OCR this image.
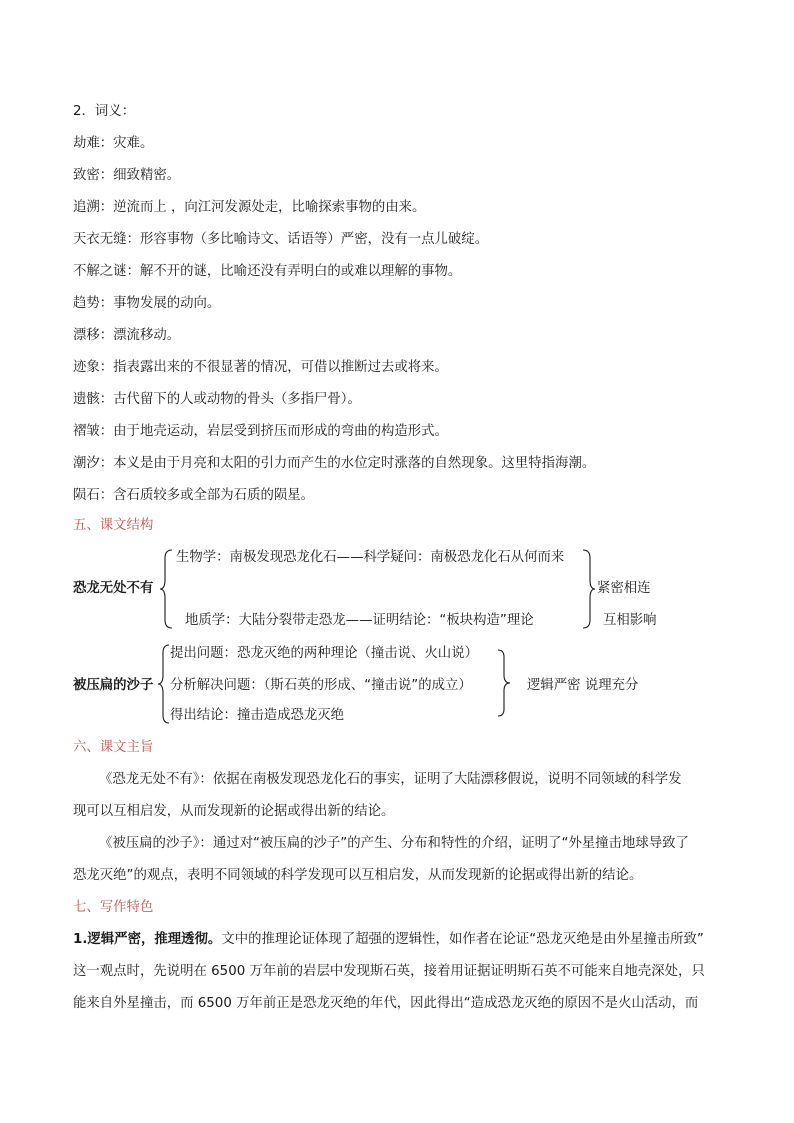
2．词义：
劫难：灾难。
致密：细致精密。
追溯：逆流而上 ，向江河发源处走，比喻探索事物的由来。
天衣无缝：形容事物（多比喻诗文、话语等）严密，没有一点儿破绽。
不解之谜：解不开的谜，比喻还没有弄明白的或难以理解的事物。
趋势：事物发展的动向。
漂移：漂流移动。
迹象：指表露出来的不很显著的情况，可借以推断过去或将来。
遗骸：古代留下的人或动物的骨头（多指尸骨）。
褶皱：由于地壳运动，岩层受到挤压而形成的弯曲的构造形式。
潮汐：本义是由于月亮和太阳的引力而产生的水位定时涨落的自然现象。这里特指海潮。
陨石：含石质较多或全部为石质的陨星。
五、课文结构
恐龙无处不有
生物学：南极发现恐龙化石——科学疑问：南极恐龙化石从何而来
地质学：大陆分裂带走恐龙——证明结论：“板块构造”理论
紧密相连
互相影响
被压扁的沙子
提出问题：恐龙灭绝的两种理论（撞击说、火山说）
分析解决问题：（斯石英的形成、“撞击说”的成立）
得出结论：撞击造成恐龙灭绝
逻辑严密 说理充分
六、课文主旨
《恐龙无处不有》：依据在南极发现恐龙化石的事实，证明了大陆漂移假说，说明不同领域的科学发
现可以互相启发，从而发现新的论据或得出新的结论。
《被压扁的沙子》：通过对“被压扁的沙子”的产生、分布和特性的介绍，证明了“外星撞击地球导致了
恐龙灭绝”的观点，表明不同领域的科学发现可以互相启发，从而发现新的论据或得出新的结论。
七、写作特色
1.逻辑严密，推理透彻。文中的推理论证体现了超强的逻辑性，如作者在论证“恐龙灭绝是由外星撞击所致”
这一观点时，先说明在 6500 万年前的岩层中发现斯石英，接着用证据证明斯石英不可能来自地壳深处，只
能来自外星撞击，而 6500 万年前正是恐龙灭绝的年代，因此得出“造成恐龙灭绝的原因不是火山活动，而
